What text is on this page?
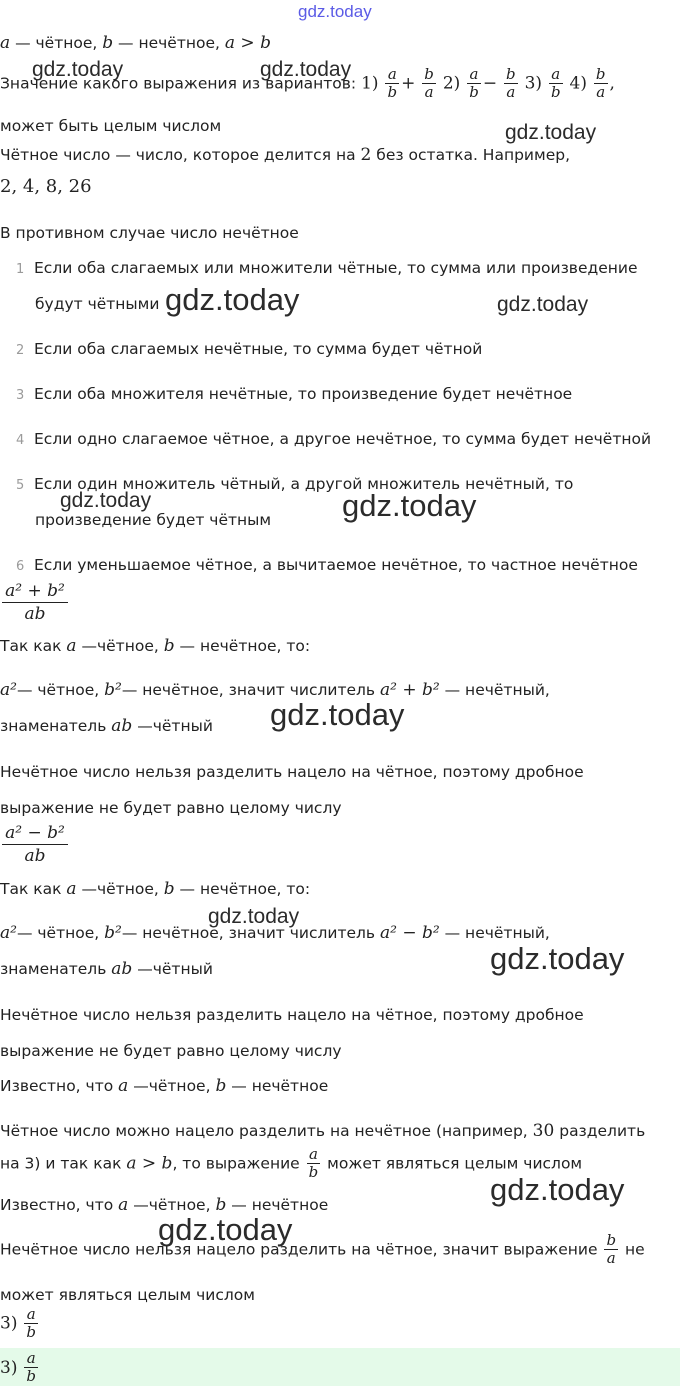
gdz.today
a — чётное, b — нечётное, a > b
Значение какого выражения из вариантов: $1) \frac{a}{b} + \frac{b}{a} 2) \frac{a}{b} - \frac{b}{a} 3) \frac{a}{b} 4) \frac{b}{a}$ ,
может быть целым числом
Чётное число — число, которое делится на 2 без остатка. Например,
2, 4, 8, 26
В противном случае число нечётное
1 Если оба слагаемых или множители чётные, то сумма или произведение
будут чётными
2 Если оба слагаемых нечётные, то сумма будет чётной
3 Если оба множителя нечётные, то произведение будет нечётное
4 Если одно слагаемое чётное, а другое нечётное, то сумма будет нечётной
5 Если один множитель чётный, а другой множитель нечётный, то
произведение будет чётным
6 Если уменьшаемое чётное, а вычитаемое нечётное, то частное нечётное
$\frac{\text{a² + b²}}{ab}$
Так как a —чётное, b — нечётное, то:
a²— чётное, b²— нечётное, значит числитель a² + b² — нечётный,
знаменатель ab —чётный
Нечётное число нельзя разделить нацело на чётное, поэтому дробное
выражение не будет равно целому числу
$\frac{\text{a² − b²}}{ab}$
Так как a —чётное, b — нечётное, то:
a²— чётное, b²— нечётное, значит числитель a² − b² — нечётный,
знаменатель ab —чётный
Нечётное число нельзя разделить нацело на чётное, поэтому дробное
выражение не будет равно целому числу
Известно, что a —чётное, b — нечётное
Чётное число можно нацело разделить на нечётное (например, 30 разделить
на 3) и так как a > b, то выражение $\frac{a}{b}$ может являться целым числом
Известно, что a —чётное, b — нечётное
Нечётное число нельзя нацело разделить на чётное, значит выражение $\frac{b}{a}$ не
может являться целым числом
$3) \frac{a}{b}$
$3) \frac{a}{b}$
gdz.today	gdz.today
gdz.today
gdz.today	gdz.today
gdz.today	gdz.today
gdz.today
gdz.today
gdz.today
gdz.today
gdz.today
